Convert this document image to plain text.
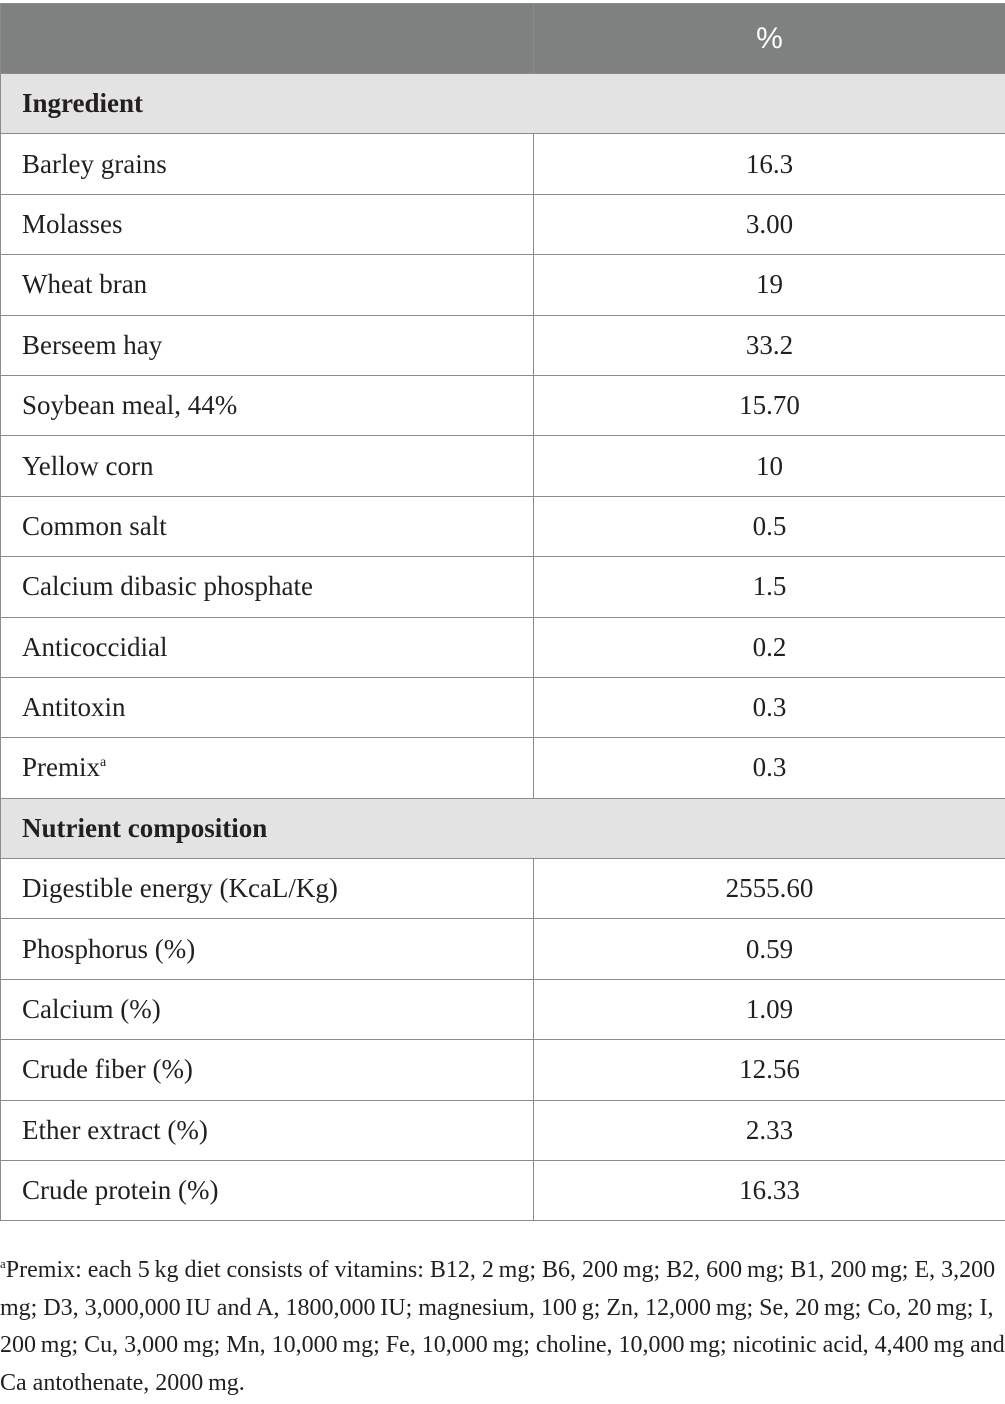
	%
Ingredient	
Barley grains	16.3
Molasses	3.00
Wheat bran	19
Berseem hay	33.2
Soybean meal, 44%	15.70
Yellow corn	10
Common salt	0.5
Calcium dibasic phosphate	1.5
Anticoccidial	0.2
Antitoxin	0.3
Premix$^a$	0.3
Nutrient composition	
Digestible energy (KcaL/Kg)	2555.60
Phosphorus (%)	0.59
Calcium (%)	1.09
Crude fiber (%)	12.56
Ether extract (%)	2.33
Crude protein (%)	16.33
$^a$Premix: each 5 kg diet consists of vitamins: B12, 2 mg; B6, 200 mg; B2, 600 mg; B1, 200 mg; E, 3,200 mg; D3, 3,000,000 IU and A, 1800,000 IU; magnesium, 100 g; Zn, 12,000 mg; Se, 20 mg; Co, 20 mg; I, 200 mg; Cu, 3,000 mg; Mn, 10,000 mg; Fe, 10,000 mg; choline, 10,000 mg; nicotinic acid, 4,400 mg and Ca antothenate, 2000 mg.
